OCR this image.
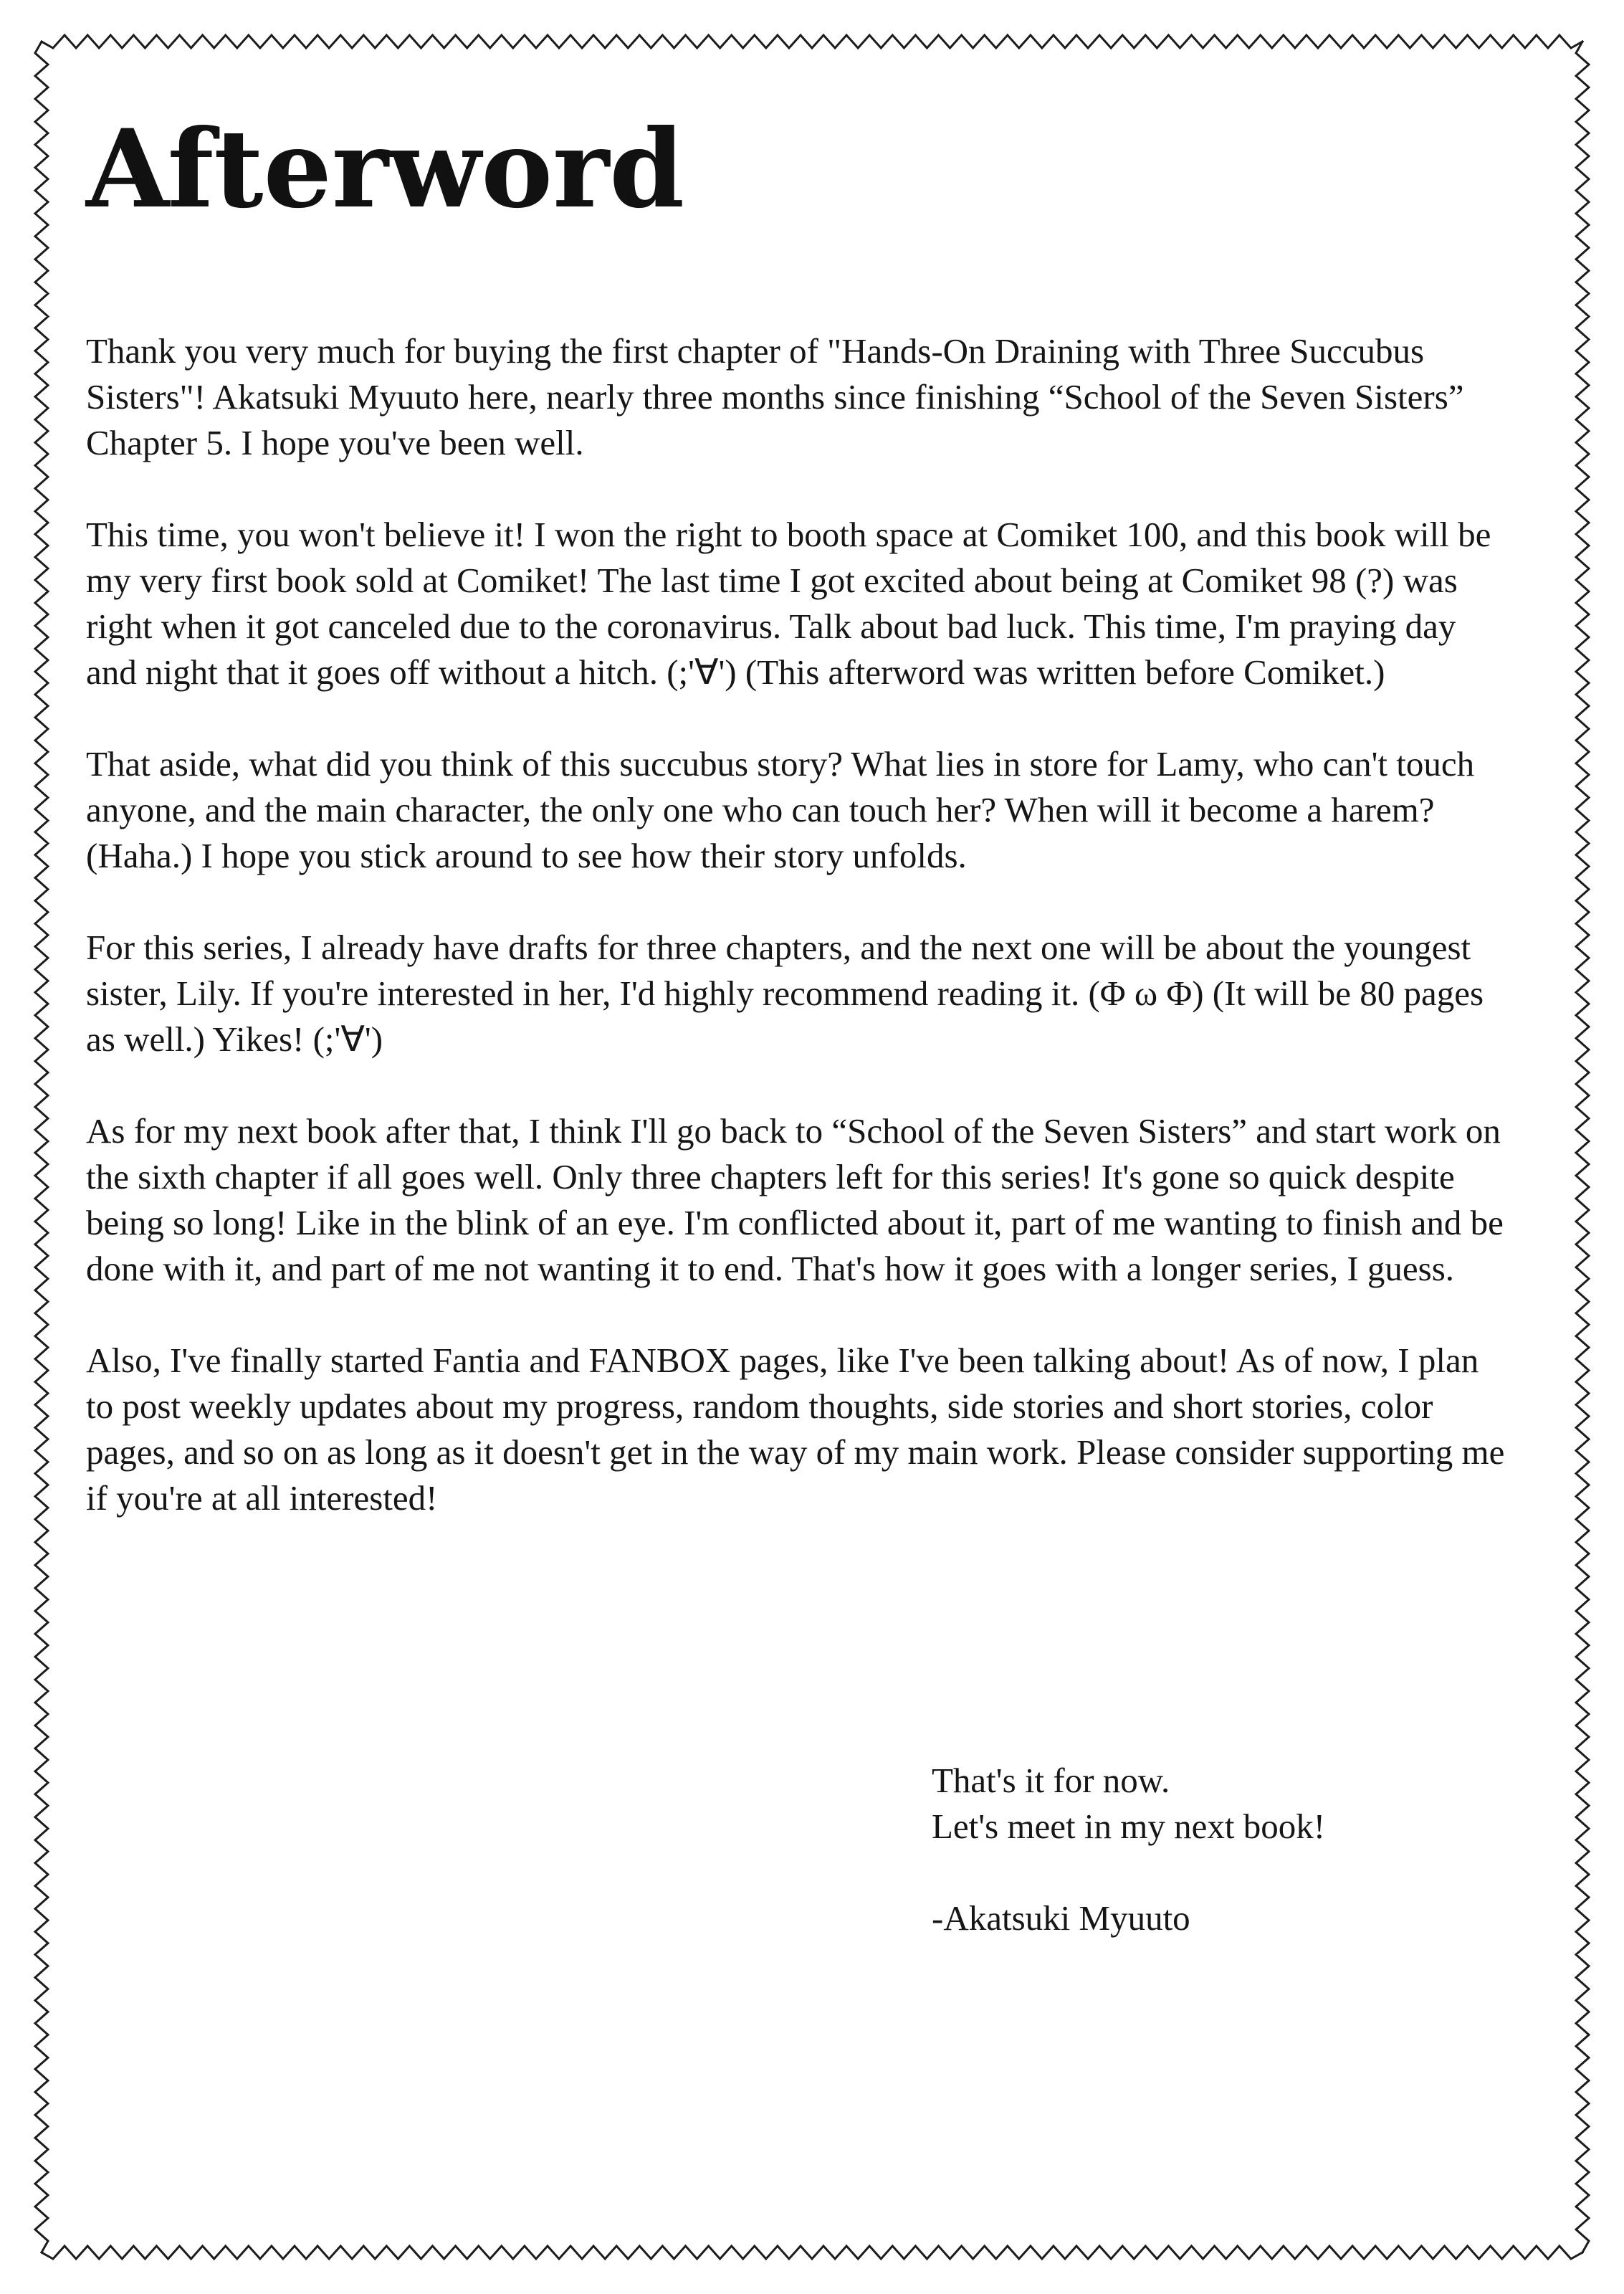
Afterword

Thank you very much for buying the first chapter of "Hands-On Draining with Three Succubus Sisters"! Akatsuki Myuuto here, nearly three months since finishing “School of the Seven Sisters” Chapter 5. I hope you've been well.

This time, you won't believe it! I won the right to booth space at Comiket 100, and this book will be my very first book sold at Comiket! The last time I got excited about being at Comiket 98 (?) was right when it got canceled due to the coronavirus. Talk about bad luck. This time, I'm praying day and night that it goes off without a hitch. (;'∀') (This afterword was written before Comiket.)

That aside, what did you think of this succubus story? What lies in store for Lamy, who can't touch anyone, and the main character, the only one who can touch her? When will it become a harem? (Haha.) I hope you stick around to see how their story unfolds.

For this series, I already have drafts for three chapters, and the next one will be about the youngest sister, Lily. If you're interested in her, I'd highly recommend reading it. (Φ ω Φ) (It will be 80 pages as well.) Yikes! (;'∀')

As for my next book after that, I think I'll go back to “School of the Seven Sisters” and start work on the sixth chapter if all goes well. Only three chapters left for this series! It's gone so quick despite being so long! Like in the blink of an eye. I'm conflicted about it, part of me wanting to finish and be done with it, and part of me not wanting it to end. That's how it goes with a longer series, I guess.

Also, I've finally started Fantia and FANBOX pages, like I've been talking about! As of now, I plan to post weekly updates about my progress, random thoughts, side stories and short stories, color pages, and so on as long as it doesn't get in the way of my main work. Please consider supporting me if you're at all interested!

That's it for now.

Let's meet in my next book!

-Akatsuki Myuuto
